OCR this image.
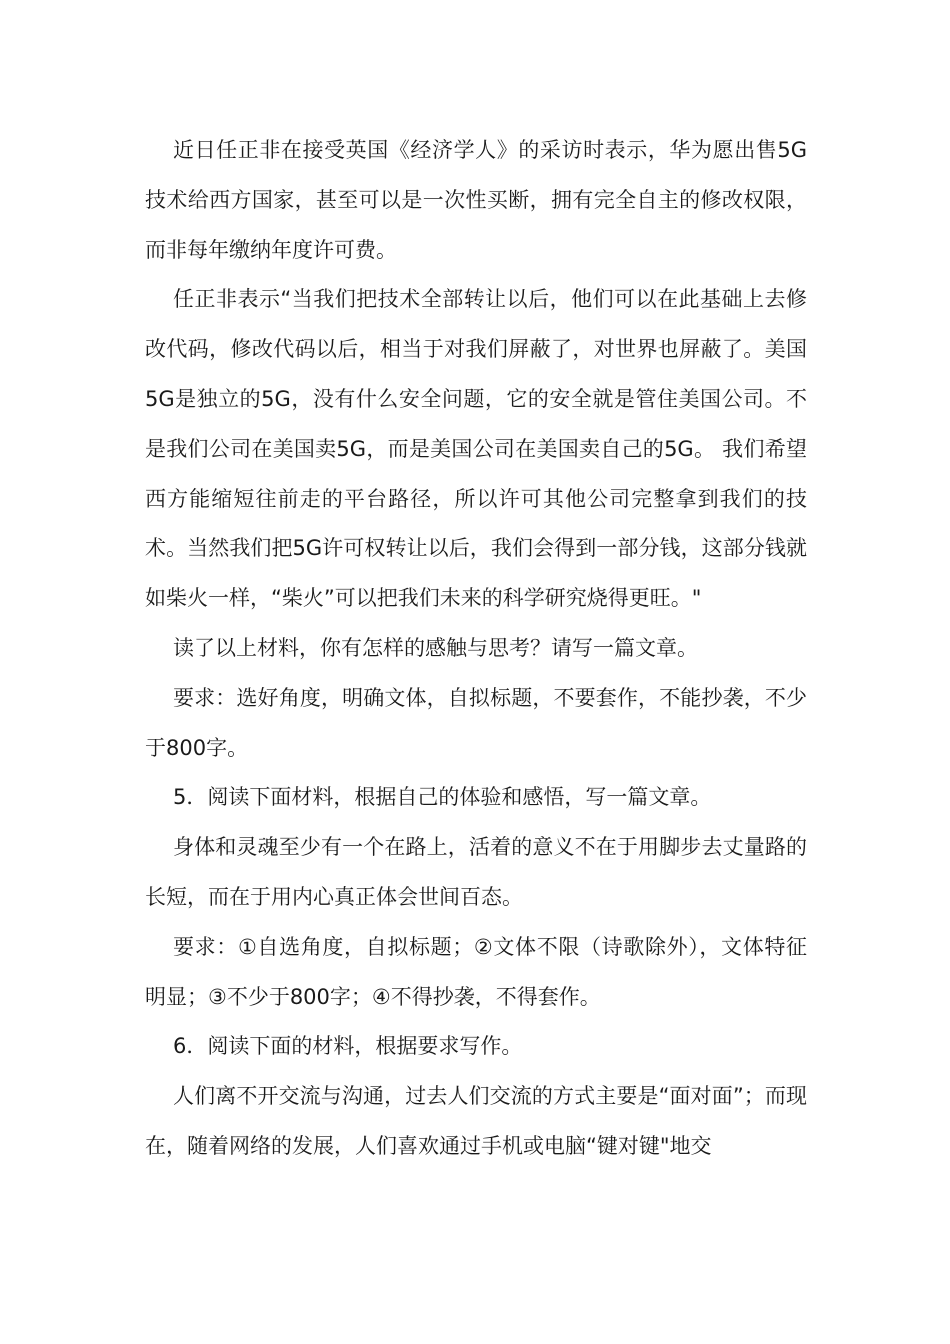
近日任正非在接受英国《经济学人》的采访时表示，华为愿出售5G技术给西方国家，甚至可以是一次性买断，拥有完全自主的修改权限，而非每年缴纳年度许可费。

任正非表示“当我们把技术全部转让以后，他们可以在此基础上去修改代码，修改代码以后，相当于对我们屏蔽了，对世界也屏蔽了。美国5G是独立的5G，没有什么安全问题，它的安全就是管住美国公司。不是我们公司在美国卖5G，而是美国公司在美国卖自己的5G。 我们希望西方能缩短往前走的平台路径，所以许可其他公司完整拿到我们的技术。当然我们把5G许可权转让以后，我们会得到一部分钱，这部分钱就如柴火一样，“柴火”可以把我们未来的科学研究烧得更旺。"

读了以上材料，你有怎样的感触与思考？请写一篇文章。

要求：选好角度，明确文体，自拟标题，不要套作，不能抄袭，不少于800字。

5．阅读下面材料，根据自己的体验和感悟，写一篇文章。

身体和灵魂至少有一个在路上，活着的意义不在于用脚步去丈量路的长短，而在于用内心真正体会世间百态。

要求：①自选角度，自拟标题；②文体不限（诗歌除外），文体特征明显；③不少于800字；④不得抄袭，不得套作。

6．阅读下面的材料，根据要求写作。

人们离不开交流与沟通，过去人们交流的方式主要是“面对面”；而现在，随着网络的发展，人们喜欢通过手机或电脑“键对键"地交
